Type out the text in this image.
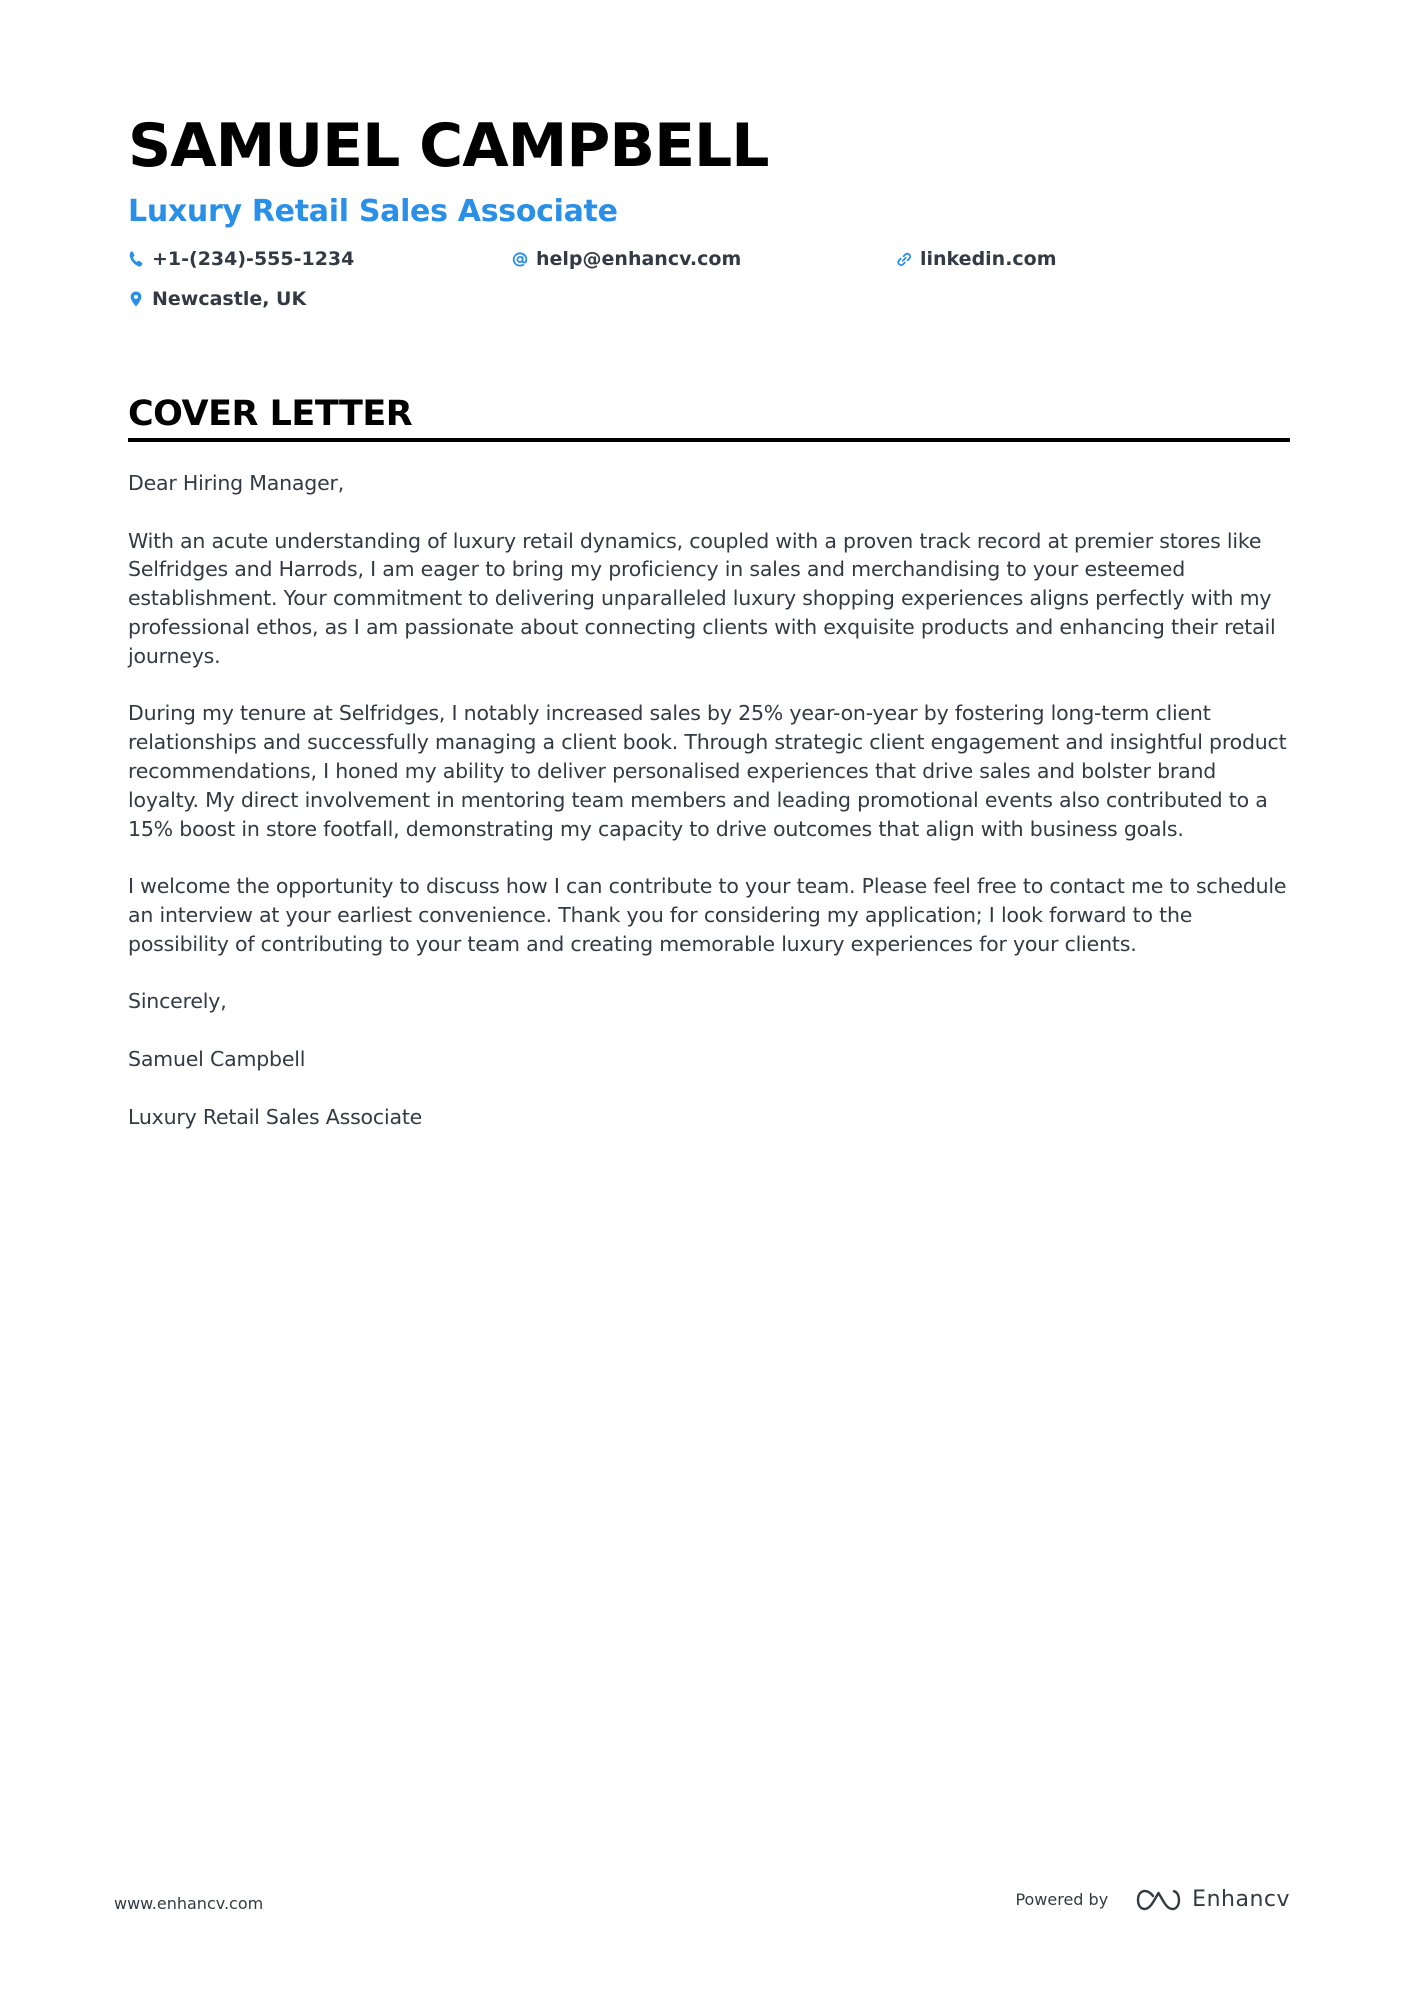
SAMUEL CAMPBELL
Luxury Retail Sales Associate
+1-(234)-555-1234	help@enhancv.com	linkedin.com
Newcastle, UK
COVER LETTER

Dear Hiring Manager,

With an acute understanding of luxury retail dynamics, coupled with a proven track record at premier stores like Selfridges and Harrods, I am eager to bring my proficiency in sales and merchandising to your esteemed establishment. Your commitment to delivering unparalleled luxury shopping experiences aligns perfectly with my professional ethos, as I am passionate about connecting clients with exquisite products and enhancing their retail journeys.

During my tenure at Selfridges, I notably increased sales by 25% year-on-year by fostering long-term client relationships and successfully managing a client book. Through strategic client engagement and insightful product recommendations, I honed my ability to deliver personalised experiences that drive sales and bolster brand loyalty. My direct involvement in mentoring team members and leading promotional events also contributed to a 15% boost in store footfall, demonstrating my capacity to drive outcomes that align with business goals.

I welcome the opportunity to discuss how I can contribute to your team. Please feel free to contact me to schedule an interview at your earliest convenience. Thank you for considering my application; I look forward to the possibility of contributing to your team and creating memorable luxury experiences for your clients.

Sincerely,

Samuel Campbell

Luxury Retail Sales Associate

www.enhancv.com	Powered by	Enhancv
